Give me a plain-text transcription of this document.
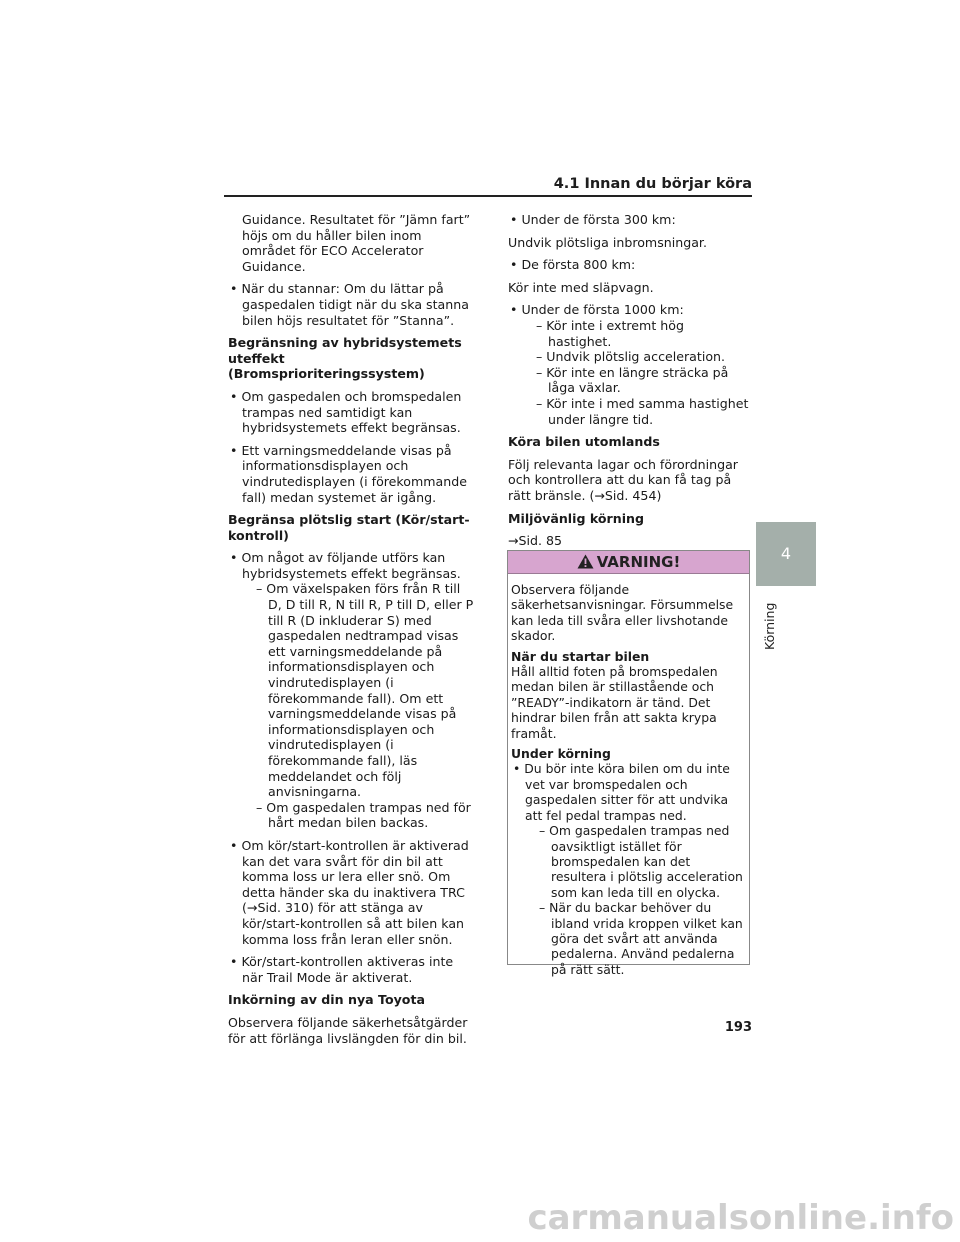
4.1 Innan du börjar köra

Guidance. Resultatet för ”Jämn fart” höjs om du håller bilen inom området för ECO Accelerator Guidance.

• När du stannar: Om du lättar på gaspedalen tidigt när du ska stanna bilen höjs resultatet för ”Stanna”.

Begränsning av hybridsystemets uteffekt (Bromsprioriteringssystem)

• Om gaspedalen och bromspedalen trampas ned samtidigt kan hybridsystemets effekt begränsas.
• Ett varningsmeddelande visas på informationsdisplayen och vindrutedisplayen (i förekommande fall) medan systemet är igång.

Begränsa plötslig start (Kör/start-kontroll)

• Om något av följande utförs kan hybridsystemets effekt begränsas.
– Om växelspaken förs från R till D, D till R, N till R, P till D, eller P till R (D inkluderar S) med gaspedalen nedtrampad visas ett varningsmeddelande på informationsdisplayen och vindrutedisplayen (i förekommande fall). Om ett varningsmeddelande visas på informationsdisplayen och vindrutedisplayen (i förekommande fall), läs meddelandet och följ anvisningarna.
– Om gaspedalen trampas ned för hårt medan bilen backas.
• Om kör/start-kontrollen är aktiverad kan det vara svårt för din bil att komma loss ur lera eller snö. Om detta händer ska du inaktivera TRC (→Sid. 310) för att stänga av kör/start-kontrollen så att bilen kan komma loss från leran eller snön.
• Kör/start-kontrollen aktiveras inte när Trail Mode är aktiverat.

Inkörning av din nya Toyota

Observera följande säkerhetsåtgärder för att förlänga livslängden för din bil.

• Under de första 300 km:

Undvik plötsliga inbromsningar.

• De första 800 km:

Kör inte med släpvagn.

• Under de första 1000 km:
– Kör inte i extremt hög hastighet.
– Undvik plötslig acceleration.
– Kör inte en längre sträcka på låga växlar.
– Kör inte i med samma hastighet under längre tid.

Köra bilen utomlands

Följ relevanta lagar och förordningar och kontrollera att du kan få tag på rätt bränsle. (→Sid. 454)

Miljövänlig körning

→Sid. 85

VARNING!

Observera följande säkerhetsanvisningar. Försummelse kan leda till svåra eller livshotande skador.

När du startar bilen

Håll alltid foten på bromspedalen medan bilen är stillastående och ”READY”-indikatorn är tänd. Det hindrar bilen från att sakta krypa framåt.

Under körning

• Du bör inte köra bilen om du inte vet var bromspedalen och gaspedalen sitter för att undvika att fel pedal trampas ned.
– Om gaspedalen trampas ned oavsiktligt istället för bromspedalen kan det resultera i plötslig acceleration som kan leda till en olycka.
– När du backar behöver du ibland vrida kroppen vilket kan göra det svårt att använda pedalerna. Använd pedalerna på rätt sätt.
4
Körning
193
carmanualsonline.info
